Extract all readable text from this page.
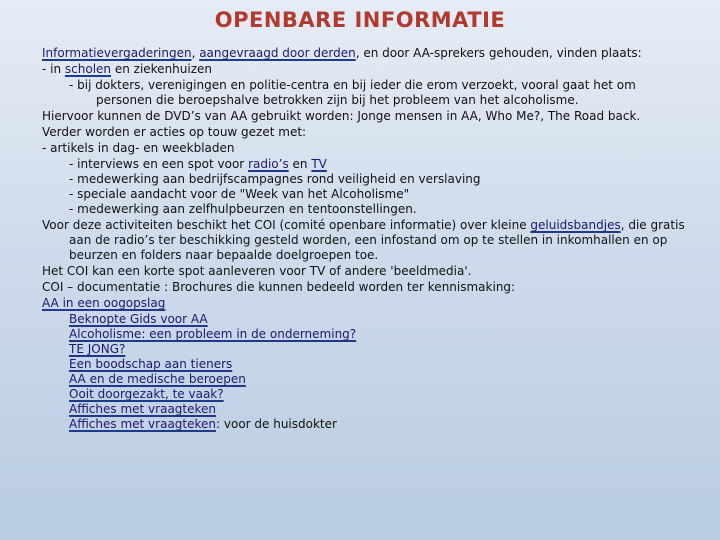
OPENBARE INFORMATIE
Informatievergaderingen, aangevraagd door derden, en door AA-sprekers gehouden, vinden plaats:
- in scholen en ziekenhuizen
- bij dokters, verenigingen en politie-centra en bij ieder die erom verzoekt, vooral gaat het om personen die beroepshalve betrokken zijn bij het probleem van het alcoholisme.
Hiervoor kunnen de DVD’s van AA gebruikt worden: Jonge mensen in AA, Who Me?, The Road back.
Verder worden er acties op touw gezet met:
- artikels in dag- en weekbladen
- interviews en een spot voor radio’s en TV
- medewerking aan bedrijfscampagnes rond veiligheid en verslaving
- speciale aandacht voor de "Week van het Alcoholisme"
- medewerking aan zelfhulpbeurzen en tentoonstellingen.
Voor deze activiteiten beschikt het COI (comité openbare informatie) over kleine geluidsbandjes, die gratis aan de radio’s ter beschikking gesteld worden, een infostand om op te stellen in inkomhallen en op beurzen en folders naar bepaalde doelgroepen toe.
Het COI kan een korte spot aanleveren voor TV of andere 'beeldmedia'.
COI – documentatie : Brochures die kunnen bedeeld worden ter kennismaking:
AA in een oogopslag
Beknopte Gids voor AA
Alcoholisme: een probleem in de onderneming?
TE JONG?
Een boodschap aan tieners
AA en de medische beroepen
Ooit doorgezakt, te vaak?
Affiches met vraagteken
Affiches met vraagteken: voor de huisdokter
